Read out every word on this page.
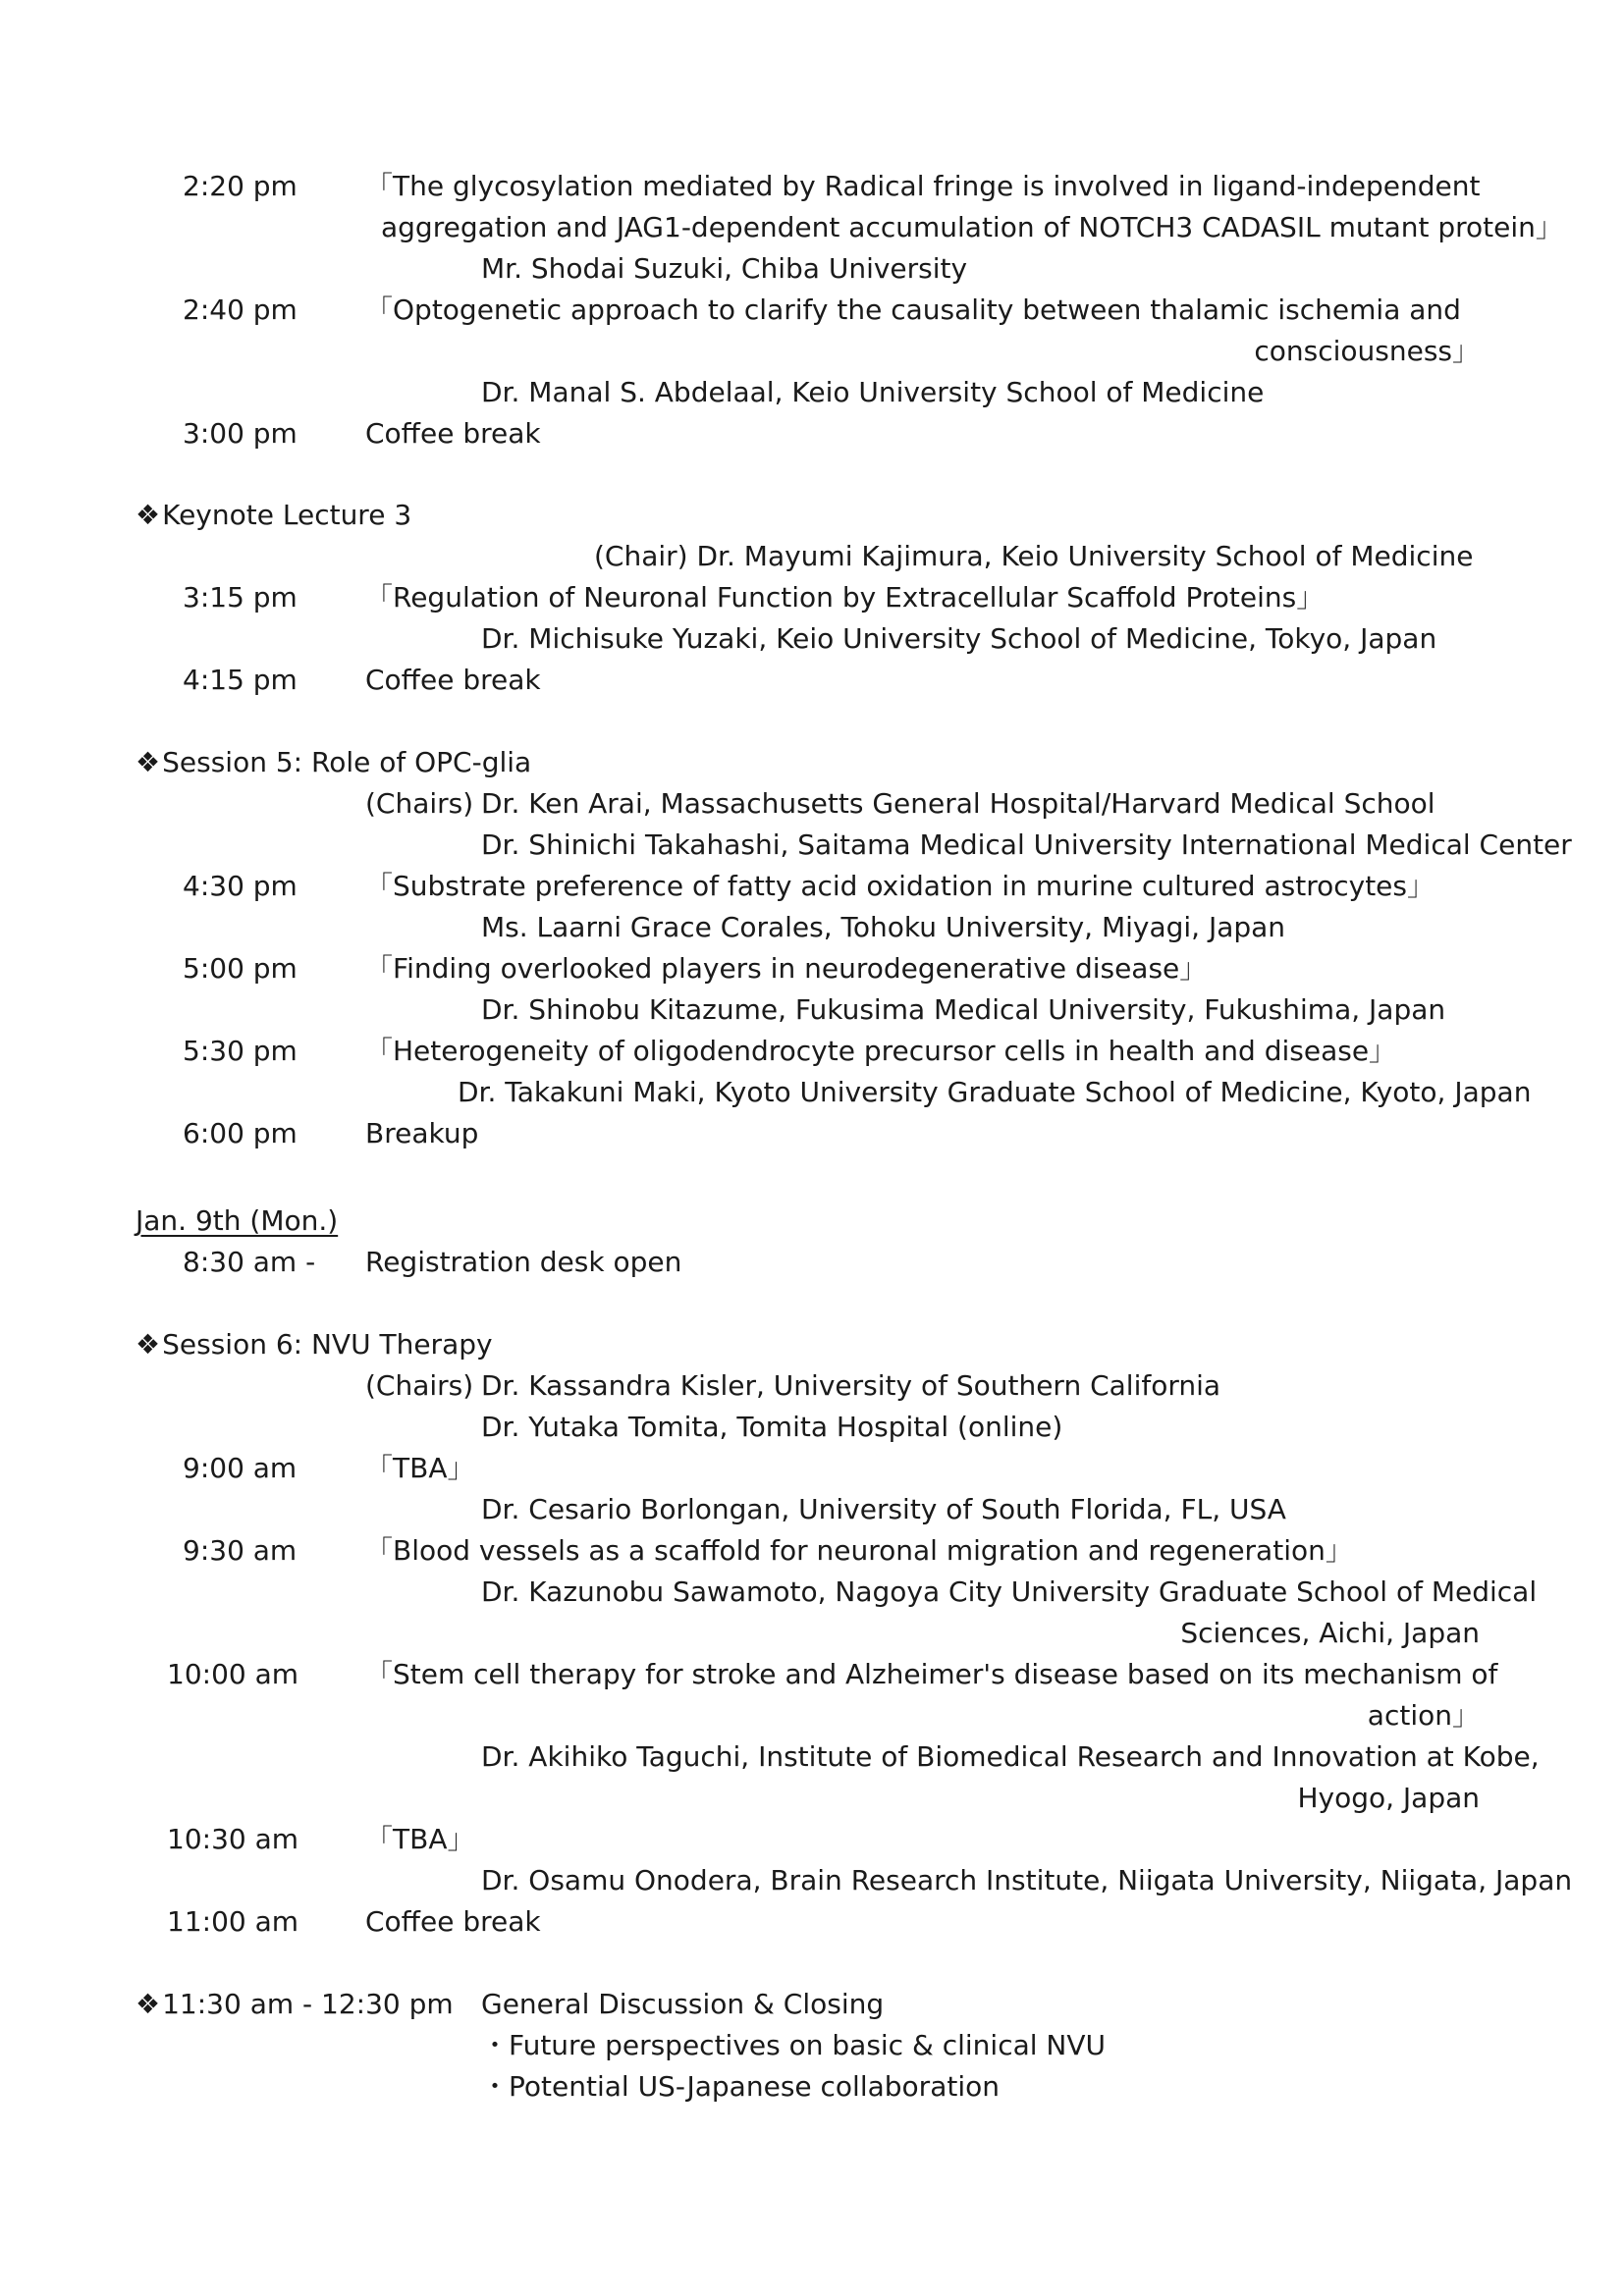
2:20 pm 「The glycosylation mediated by Radical fringe is involved in ligand-independent
aggregation and JAG1-dependent accumulation of NOTCH3 CADASIL mutant protein」
Mr. Shodai Suzuki, Chiba University
2:40 pm 「Optogenetic approach to clarify the causality between thalamic ischemia and
consciousness」
Dr. Manal S. Abdelaal, Keio University School of Medicine
3:00 pm Coffee break
❖Keynote Lecture 3
(Chair) Dr. Mayumi Kajimura, Keio University School of Medicine
3:15 pm 「Regulation of Neuronal Function by Extracellular Scaffold Proteins」
Dr. Michisuke Yuzaki, Keio University School of Medicine, Tokyo, Japan
4:15 pm Coffee break
❖Session 5: Role of OPC-glia
(Chairs) Dr. Ken Arai, Massachusetts General Hospital/Harvard Medical School
Dr. Shinichi Takahashi, Saitama Medical University International Medical Center
4:30 pm 「Substrate preference of fatty acid oxidation in murine cultured astrocytes」
Ms. Laarni Grace Corales, Tohoku University, Miyagi, Japan
5:00 pm 「Finding overlooked players in neurodegenerative disease」
Dr. Shinobu Kitazume, Fukusima Medical University, Fukushima, Japan
5:30 pm 「Heterogeneity of oligodendrocyte precursor cells in health and disease」
Dr. Takakuni Maki, Kyoto University Graduate School of Medicine, Kyoto, Japan
6:00 pm Breakup
Jan. 9th (Mon.)
8:30 am - Registration desk open
❖Session 6: NVU Therapy
(Chairs) Dr. Kassandra Kisler, University of Southern California
Dr. Yutaka Tomita, Tomita Hospital (online)
9:00 am 「TBA」
Dr. Cesario Borlongan, University of South Florida, FL, USA
9:30 am 「Blood vessels as a scaffold for neuronal migration and regeneration」
Dr. Kazunobu Sawamoto, Nagoya City University Graduate School of Medical
Sciences, Aichi, Japan
10:00 am 「Stem cell therapy for stroke and Alzheimer's disease based on its mechanism of
action」
Dr. Akihiko Taguchi, Institute of Biomedical Research and Innovation at Kobe,
Hyogo, Japan
10:30 am 「TBA」
Dr. Osamu Onodera, Brain Research Institute, Niigata University, Niigata, Japan
11:00 am Coffee break
❖11:30 am - 12:30 pm General Discussion & Closing
・Future perspectives on basic & clinical NVU
・Potential US-Japanese collaboration
